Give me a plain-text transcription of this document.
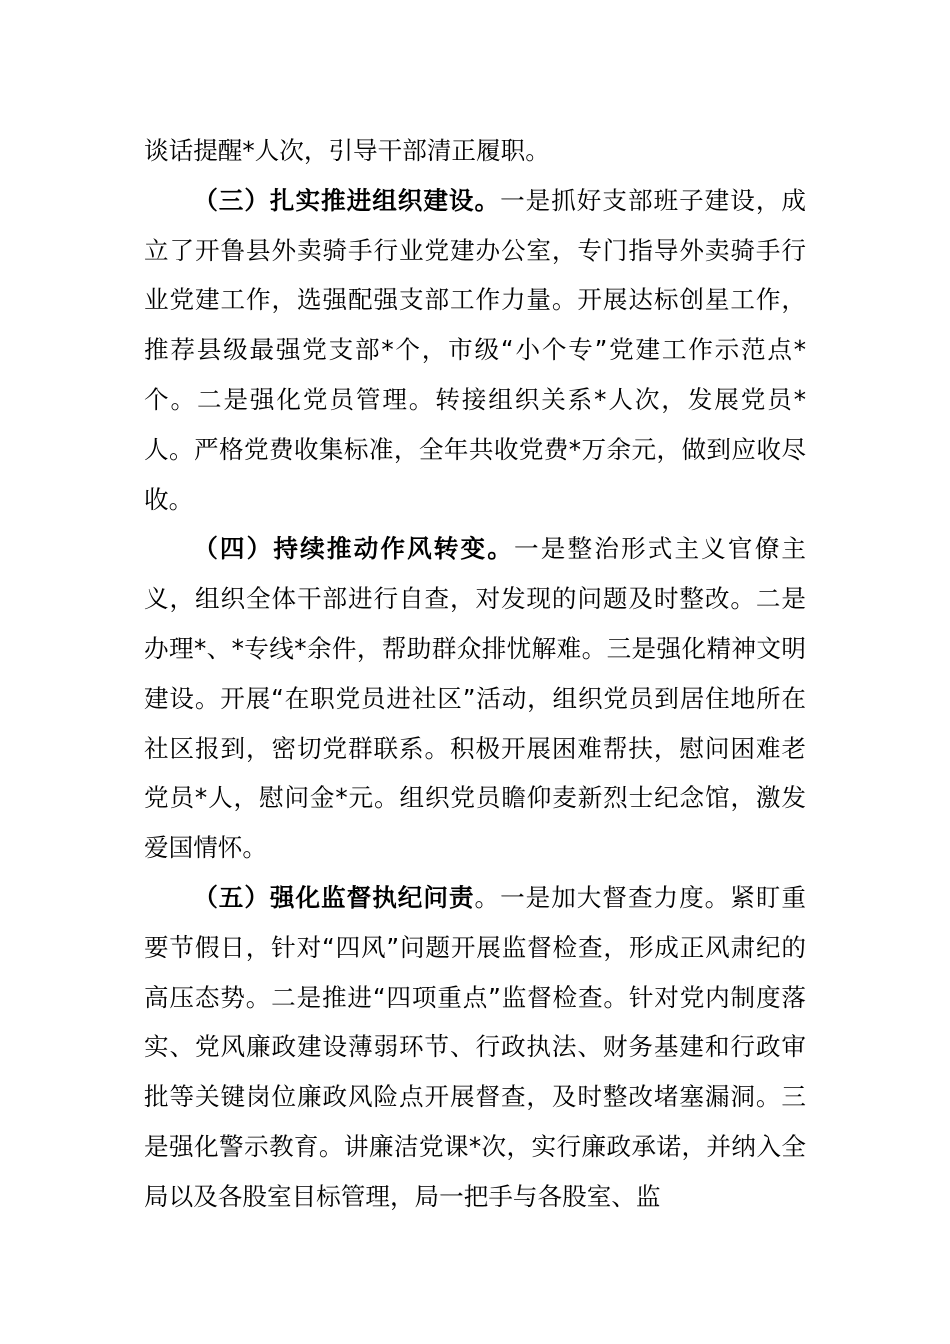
谈话提醒*人次，引导干部清正履职。

（三）扎实推进组织建设。一是抓好支部班子建设，成立了开鲁县外卖骑手行业党建办公室，专门指导外卖骑手行业党建工作，选强配强支部工作力量。开展达标创星工作，推荐县级最强党支部*个，市级“小个专”党建工作示范点*个。二是强化党员管理。转接组织关系*人次，发展党员*人。严格党费收集标准，全年共收党费*万余元，做到应收尽收。

（四）持续推动作风转变。一是整治形式主义官僚主义，组织全体干部进行自查，对发现的问题及时整改。二是办理*、*专线*余件，帮助群众排忧解难。三是强化精神文明建设。开展“在职党员进社区”活动，组织党员到居住地所在社区报到，密切党群联系。积极开展困难帮扶，慰问困难老党员*人，慰问金*元。组织党员瞻仰麦新烈士纪念馆，激发爱国情怀。

（五）强化监督执纪问责。一是加大督查力度。紧盯重要节假日，针对“四风”问题开展监督检查，形成正风肃纪的高压态势。二是推进“四项重点”监督检查。针对党内制度落实、党风廉政建设薄弱环节、行政执法、财务基建和行政审批等关键岗位廉政风险点开展督查，及时整改堵塞漏洞。三是强化警示教育。讲廉洁党课*次，实行廉政承诺，并纳入全局以及各股室目标管理，局一把手与各股室、监
